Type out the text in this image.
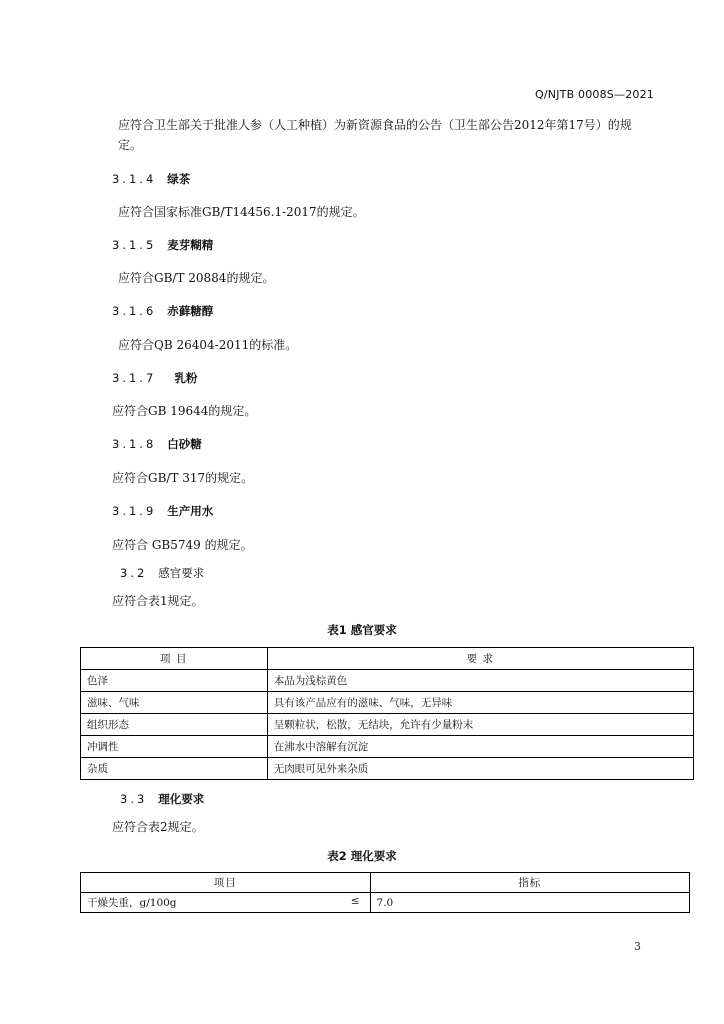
Q/NJTB 0008S—2021
应符合卫生部关于批准人参（人工种植）为新资源食品的公告（卫生部公告2012年第17号）的规
定。
3.1.4 绿茶
应符合国家标准GB/T14456.1-2017的规定。
3.1.5 麦芽糊精
应符合GB/T 20884的规定。
3.1.6 赤藓糖醇
应符合QB 26404-2011的标准。
3.1.7 乳粉
应符合GB 19644的规定。
3.1.8 白砂糖
应符合GB/T 317的规定。
3.1.9 生产用水
应符合 GB5749 的规定。
3.2 感官要求
应符合表1规定。
表1 感官要求
项 目	要 求
色泽	本品为浅棕黄色
滋味、气味	具有该产品应有的滋味、气味，无异味
组织形态	呈颗粒状，松散，无结块，允许有少量粉末
冲调性	在沸水中溶解有沉淀
杂质	无肉眼可见外来杂质
3.3 理化要求
应符合表2规定。
表2 理化要求
项目	指标
干燥失重，g/100g ≤	7.0
3
